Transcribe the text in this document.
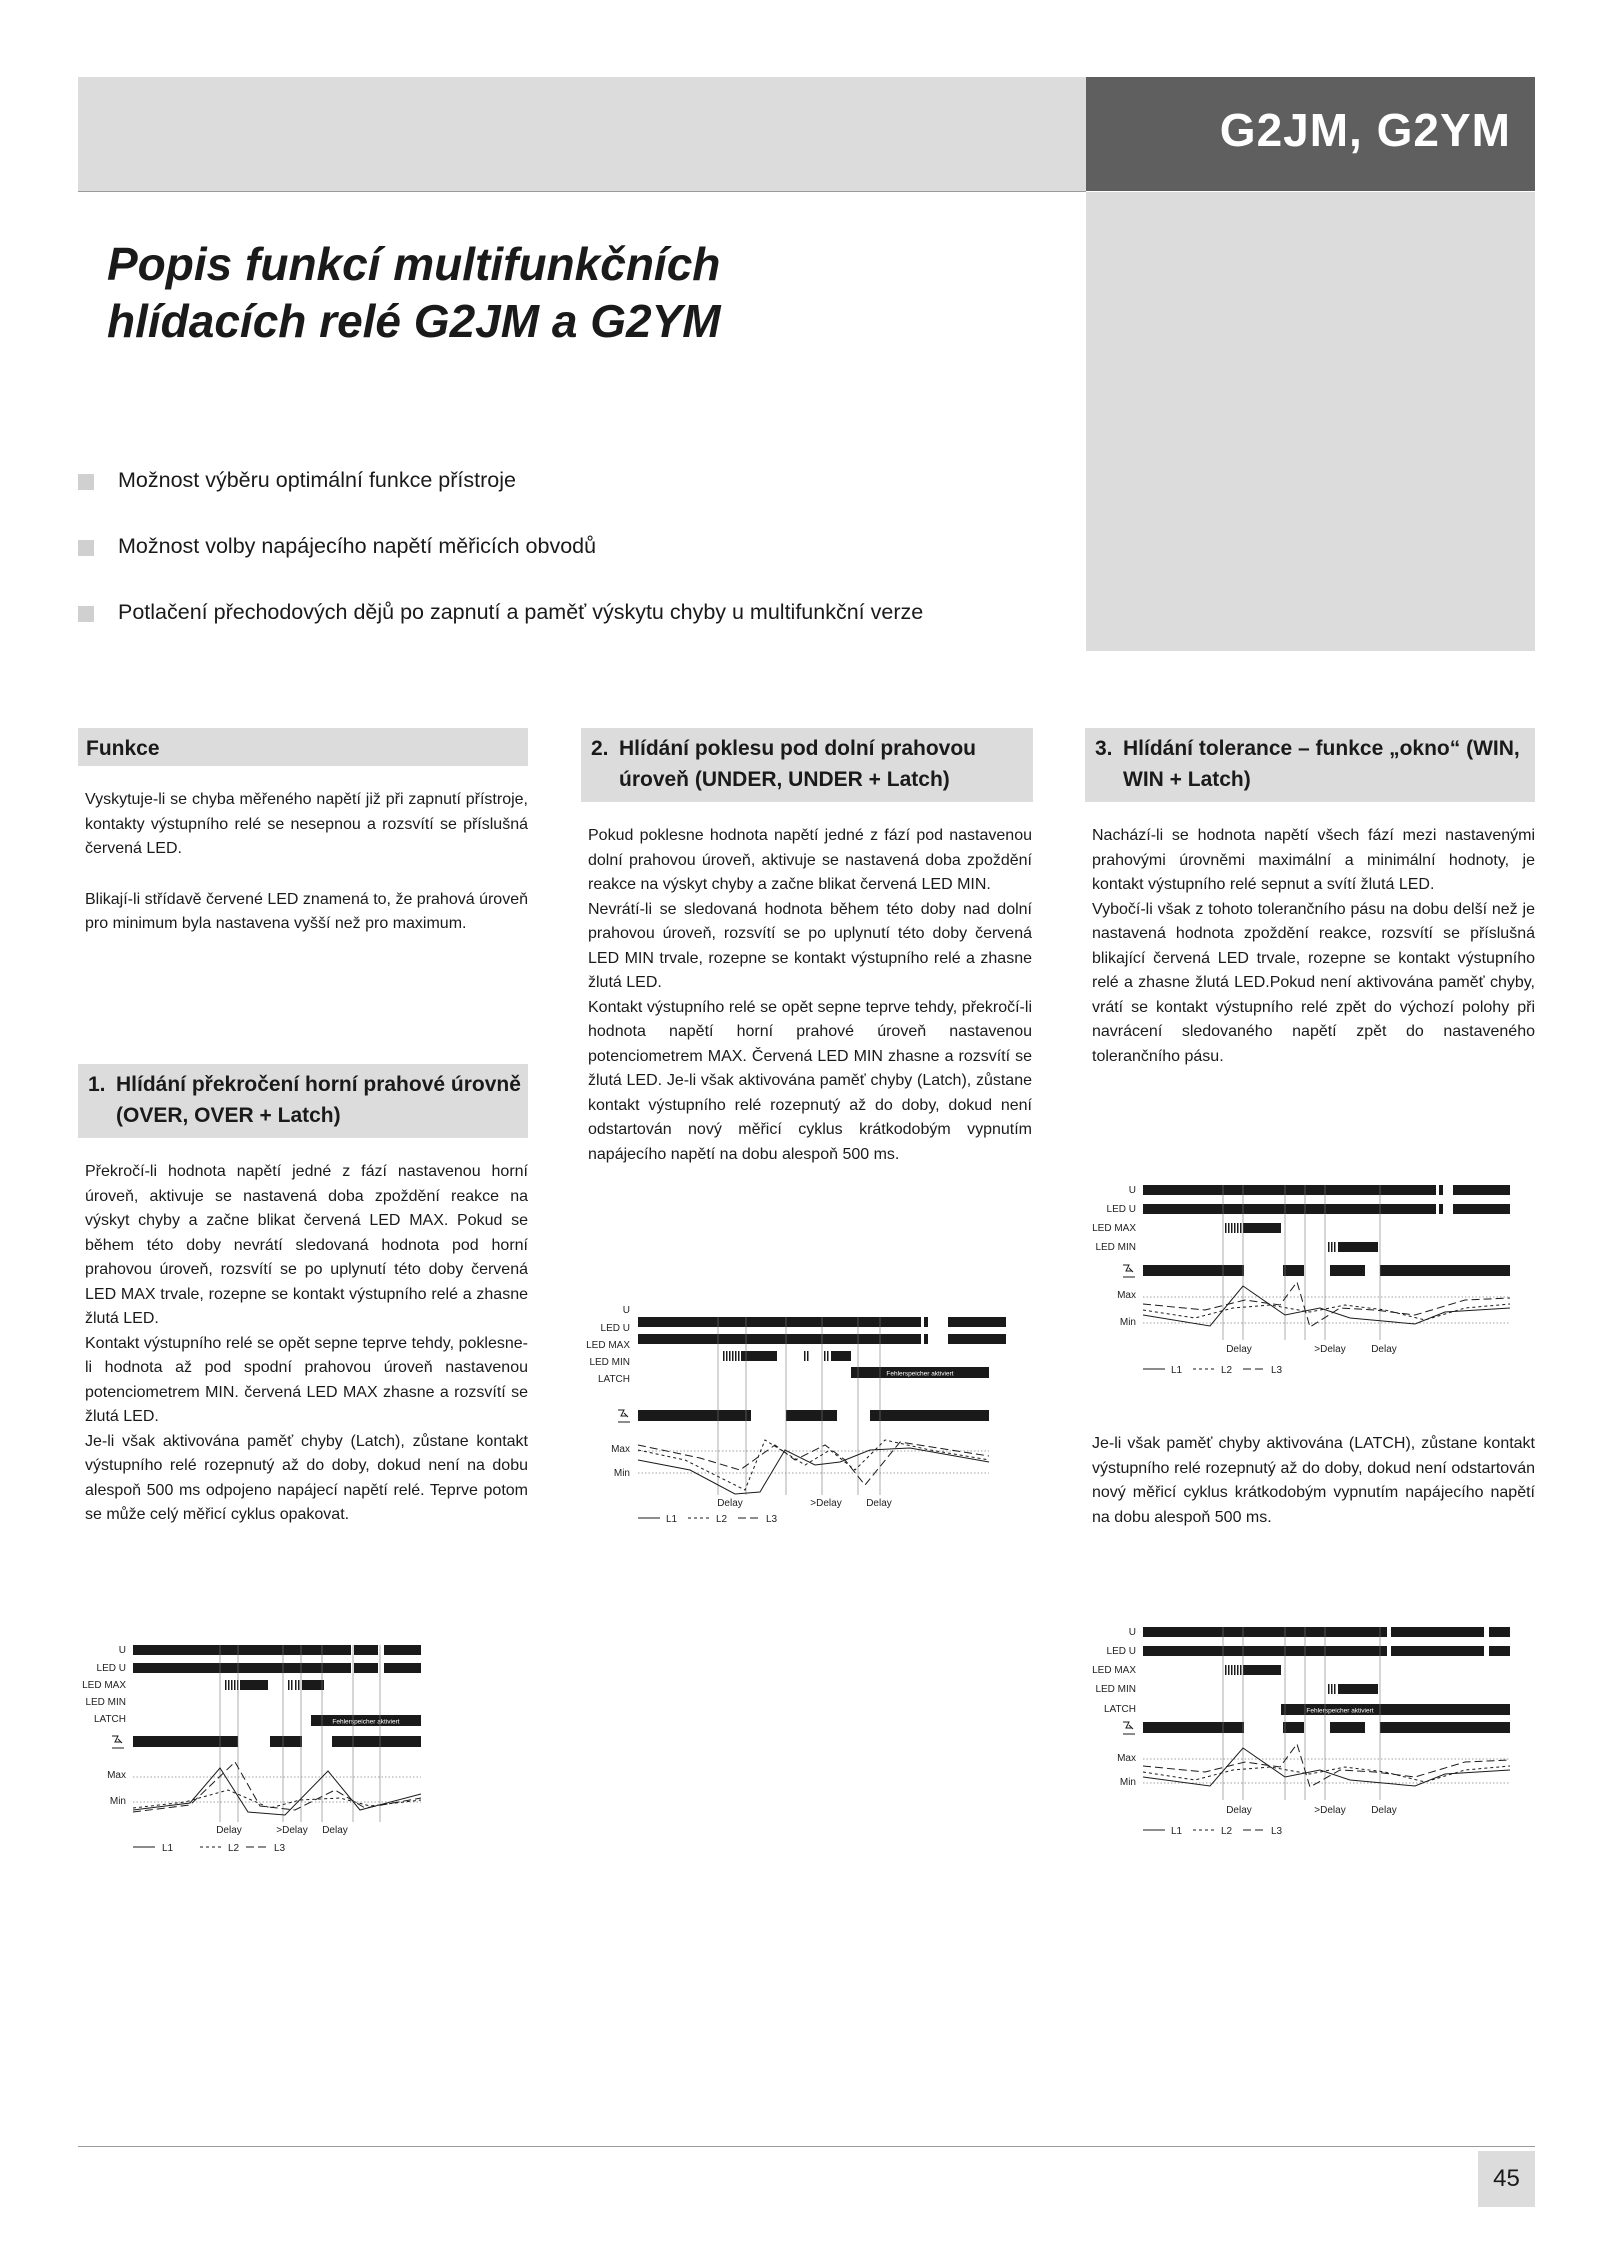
G2JM, G2YM
Popis funkcí multifunkčních
hlídacích relé G2JM a G2YM
Možnost výběru optimální funkce přístroje
Možnost volby napájecího napětí měřicích obvodů
Potlačení přechodových dějů po zapnutí a paměť výskytu chyby u multifunkční verze
Funkce

Vyskytuje-li se chyba měřeného napětí již při zapnutí přístroje, kontakty výstupního relé se nesepnou a rozsvítí se příslušná červená LED.

Blikají-li střídavě červené LED znamená to, že prahová úroveň pro minimum byla nastavena vyšší než pro maximum.

1. Hlídání překročení horní prahové úrovně (OVER, OVER + Latch)

Překročí-li hodnota napětí jedné z fází nastavenou horní úroveň, aktivuje se nastavená doba zpoždění reakce na výskyt chyby a začne blikat červená LED MAX. Pokud se během této doby nevrátí sledovaná hodnota pod horní prahovou úroveň, rozsvítí se po uplynutí této doby červená LED MAX trvale, rozepne se kontakt výstupního relé a zhasne žlutá LED.

Kontakt výstupního relé se opět sepne teprve tehdy, poklesne-li hodnota až pod spodní prahovou úroveň nastavenou potenciometrem MIN. červená LED MAX zhasne a rozsvítí se žlutá LED.

Je-li však aktivována paměť chyby (Latch), zůstane kontakt výstupního relé rozepnutý až do doby, dokud není na dobu alespoň 500 ms odpojeno napájecí napětí relé. Teprve potom se může celý měřicí cyklus opakovat.

2. Hlídání poklesu pod dolní prahovou úroveň (UNDER, UNDER + Latch)

Pokud poklesne hodnota napětí jedné z fází pod nastavenou dolní prahovou úroveň, aktivuje se nastavená doba zpoždění reakce na výskyt chyby a začne blikat červená LED MIN.

Nevrátí-li se sledovaná hodnota během této doby nad dolní prahovou úroveň, rozsvítí se po uplynutí této doby červená LED MIN trvale, rozepne se kontakt výstupního relé a zhasne žlutá LED.

Kontakt výstupního relé se opět sepne teprve tehdy, překročí-li hodnota napětí horní prahové úroveň nastavenou potenciometrem MAX. Červená LED MIN zhasne a rozsvítí se žlutá LED. Je-li však aktivována paměť chyby (Latch), zůstane kontakt výstupního relé rozepnutý až do doby, dokud není odstartován nový měřicí cyklus krátkodobým vypnutím napájecího napětí na dobu alespoň 500 ms.

3. Hlídání tolerance – funkce „okno“ (WIN, WIN + Latch)

Nachází-li se hodnota napětí všech fází mezi nastavenými prahovými úrovněmi maximální a minimální hodnoty, je kontakt výstupního relé sepnut a svítí žlutá LED.

Vybočí-li však z tohoto tolerančního pásu na dobu delší než je nastavená hodnota zpoždění reakce, rozsvítí se příslušná blikající červená LED trvale, rozepne se kontakt výstupního relé a zhasne žlutá LED.Pokud není aktivována paměť chyby, vrátí se kontakt výstupního relé zpět do výchozí polohy při navrácení sledovaného napětí zpět do nastaveného tolerančního pásu.

Je-li však paměť chyby aktivována (LATCH), zůstane kontakt výstupního relé rozepnutý až do doby, dokud není odstartován nový měřicí cyklus krátkodobým vypnutím napájecího napětí na dobu alespoň 500 ms.

U
LED U
LED MAX
LED MIN
LATCH
Max
Min
Fehlerspeicher aktiviert
Delay	>Delay Delay
L1	L2	L3
U
LED U
LED MAX
LED MIN
LATCH
Max
Min
Fehlerspeicher aktiviert
Delay	>Delay Delay
L1	L2	L3
U
LED U
LED MAX
LED MIN
Max
Min
Delay	>Delay	Delay
L1	L2	L3
U
LED U
LED MAX
LED MIN
LATCH
Max
Min
Fehlerspeicher aktiviert
Delay	>Delay	Delay
L1	L2	L3
45
